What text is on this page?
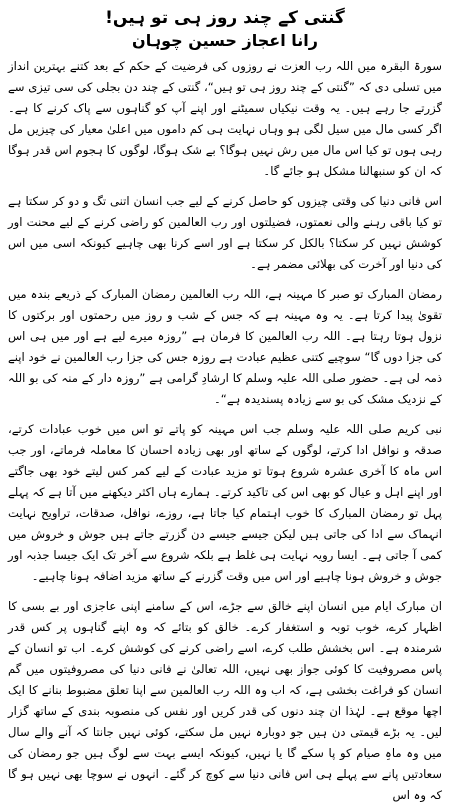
گنتی کے چند روز ہی تو ہیں!
رانا اعجاز حسین چوہان

سورۃ البقرہ میں اللہ رب العزت نے روزوں کی فرضیت کے حکم کے بعد کتنے بہترین انداز میں تسلی دی کہ ”گنتی کے چند روز ہی تو ہیں“، گنتی کے چند دن بجلی کی سی تیزی سے گزرتے جا رہے ہیں۔ یہ وقت نیکیاں سمیٹنے اور اپنے آپ کو گناہوں سے پاک کرنے کا ہے۔ اگر کسی مال میں سیل لگی ہو وہاں نہایت ہی کم داموں میں اعلیٰ معیار کی چیزیں مل رہی ہوں تو کیا اس مال میں رش نہیں ہوگا؟ بے شک ہوگا، لوگوں کا ہجوم اس قدر ہوگا کہ ان کو سنبھالنا مشکل ہو جائے گا۔

اس فانی دنیا کی وقتی چیزوں کو حاصل کرنے کے لیے جب انسان اتنی تگ و دو کر سکتا ہے تو کیا باقی رہنے والی نعمتوں، فضیلتوں اور رب العالمین کو راضی کرنے کے لیے محنت اور کوشش نہیں کر سکتا؟ بالکل کر سکتا ہے اور اسے کرنا بھی چاہیے کیونکہ اسی میں اس کی دنیا اور آخرت کی بھلائی مضمر ہے۔

رمضان المبارک تو صبر کا مہینہ ہے، اللہ رب العالمین رمضان المبارک کے ذریعے بندہ میں تقویٰ پیدا کرتا ہے۔ یہ وہ مہینہ ہے کہ جس کے شب و روز میں رحمتوں اور برکتوں کا نزول ہوتا رہتا ہے۔ اللہ رب العالمین کا فرمان ہے ”روزہ میرے لیے ہے اور میں ہی اس کی جزا دوں گا“ سوچیے کتنی عظیم عبادت ہے روزہ جس کی جزا رب العالمین نے خود اپنے ذمہ لی ہے۔ حضور صلی اللہ علیہ وسلم کا ارشادِ گرامی ہے ”روزہ دار کے منہ کی بو اللہ کے نزدیک مشک کی بو سے زیادہ پسندیدہ ہے“۔

نبی کریم صلی اللہ علیہ وسلم جب اس مہینہ کو پاتے تو اس میں خوب عبادات کرتے، صدقہ و نوافل ادا کرتے، لوگوں کے ساتھ اور بھی زیادہ احسان کا معاملہ فرماتے، اور جب اس ماہ کا آخری عشرہ شروع ہوتا تو مزید عبادت کے لیے کمر کس لیتے خود بھی جاگتے اور اپنے اہل و عیال کو بھی اس کی تاکید کرتے۔ ہمارے ہاں اکثر دیکھنے میں آتا ہے کہ پہلے پہل تو رمضان المبارک کا خوب اہتمام کیا جاتا ہے، روزے، نوافل، صدقات، تراویح نہایت انہماک سے ادا کی جاتی ہیں لیکن جیسے جیسے دن گزرتے جاتے ہیں جوش و خروش میں کمی آ جاتی ہے۔ ایسا رویہ نہایت ہی غلط ہے بلکہ شروع سے آخر تک ایک جیسا جذبہ اور جوش و خروش ہونا چاہیے اور اس میں وقت گزرنے کے ساتھ مزید اضافہ ہونا چاہیے۔

ان مبارک ایام میں انسان اپنے خالق سے جڑے، اس کے سامنے اپنی عاجزی اور بے بسی کا اظہار کرے، خوب توبہ و استغفار کرے۔ خالق کو بتائے کہ وہ اپنے گناہوں پر کس قدر شرمندہ ہے۔ اس بخشش طلب کرے، اسے راضی کرنے کی کوشش کرے۔ اب تو انسان کے پاس مصروفیت کا کوئی جواز بھی نہیں، اللہ تعالیٰ نے فانی دنیا کی مصروفیتوں میں گم انسان کو فراغت بخشی ہے، کہ اب وہ اللہ رب العالمین سے اپنا تعلق مضبوط بنانے کا ایک اچھا موقع ہے۔ لہٰذا ان چند دنوں کی قدر کریں اور نفس کی منصوبہ بندی کے ساتھ گزار لیں۔ یہ بڑے قیمتی دن ہیں جو دوبارہ نہیں مل سکتے، کوئی نہیں جانتا کہ آنے والے سال میں وہ ماہِ صیام کو پا سکے گا یا نہیں، کیونکہ ایسے بہت سے لوگ ہیں جو رمضان کی سعادتیں پانے سے پہلے ہی اس فانی دنیا سے کوچ کر گئے۔ انہوں نے سوچا بھی نہیں ہو گا کہ وہ اس
